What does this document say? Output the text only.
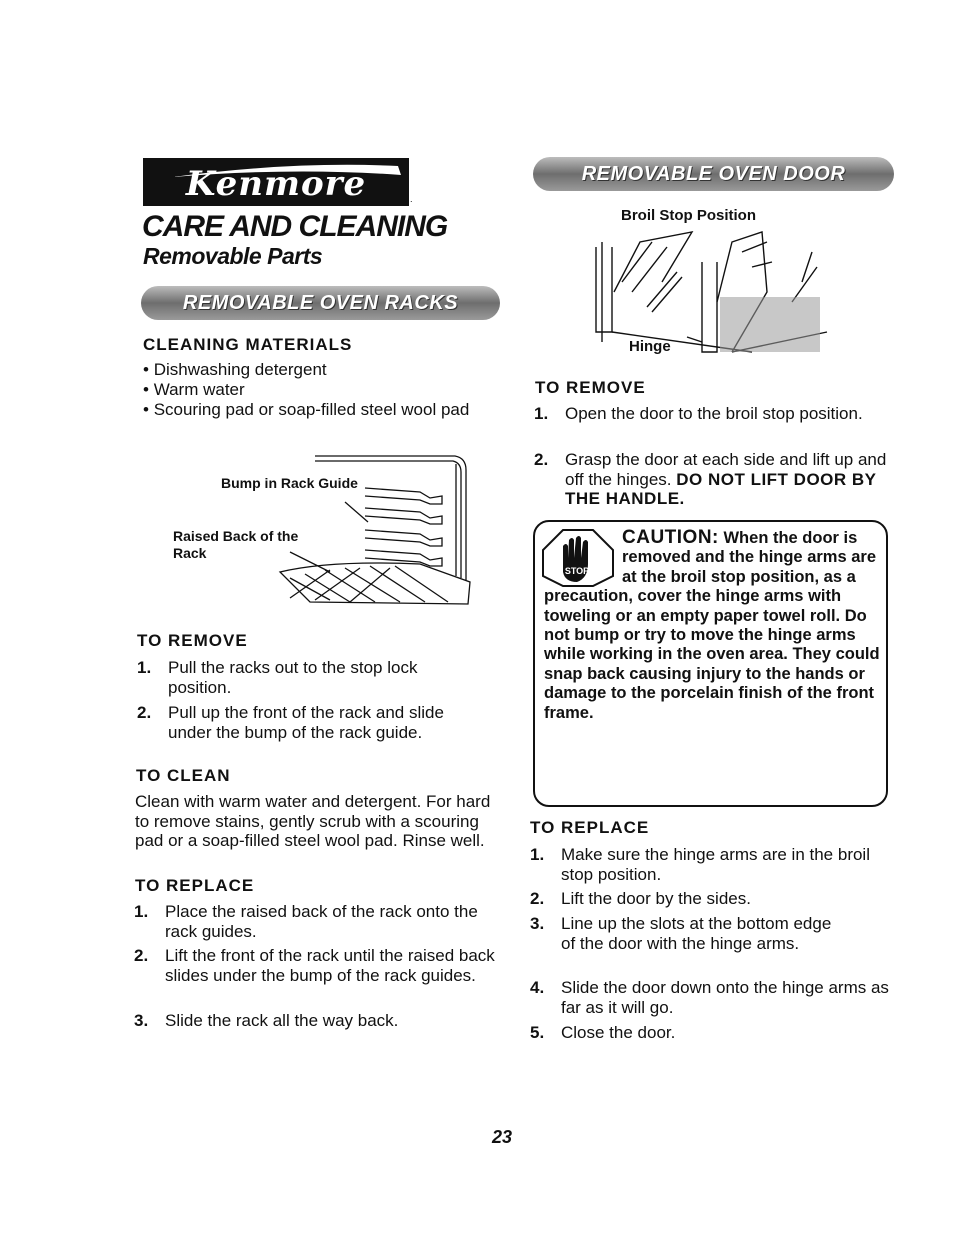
Kenmore	.
CARE AND CLEANING
Removable Parts
REMOVABLE OVEN RACKS
CLEANING MATERIALS
• Dishwashing detergent
• Warm water
• Scouring pad or soap-filled steel wool pad
Bump in Rack Guide
Raised Back of the Rack
TO REMOVE
1. Pull the racks out to the stop lock position.
2. Pull up the front of the rack and slide under the bump of the rack guide.
TO CLEAN
Clean with warm water and detergent. For hard to remove stains, gently scrub with a scouring pad or a soap-filled steel wool pad. Rinse well.
TO REPLACE
1. Place the raised back of the rack onto the rack guides.
2. Lift the front of the rack until the raised back slides under the bump of the rack guides.
3. Slide the rack all the way back.
REMOVABLE OVEN DOOR
Broil Stop Position
Hinge
TO REMOVE
1. Open the door to the broil stop position.
2. Grasp the door at each side and lift up and off the hinges. DO NOT LIFT DOOR BY THE HANDLE.
STOP
CAUTION: When the door is removed and the hinge arms are at the broil stop position, as a precaution, cover the hinge arms with toweling or an empty paper towel roll. Do not bump or try to move the hinge arms while working in the oven area. They could snap back causing injury to the hands or damage to the porcelain finish of the front frame.
TO REPLACE
1. Make sure the hinge arms are in the broil stop position.
2. Lift the door by the sides.
3. Line up the slots at the bottom edge of the door with the hinge arms.
4. Slide the door down onto the hinge arms as far as it will go.
5. Close the door.
23
